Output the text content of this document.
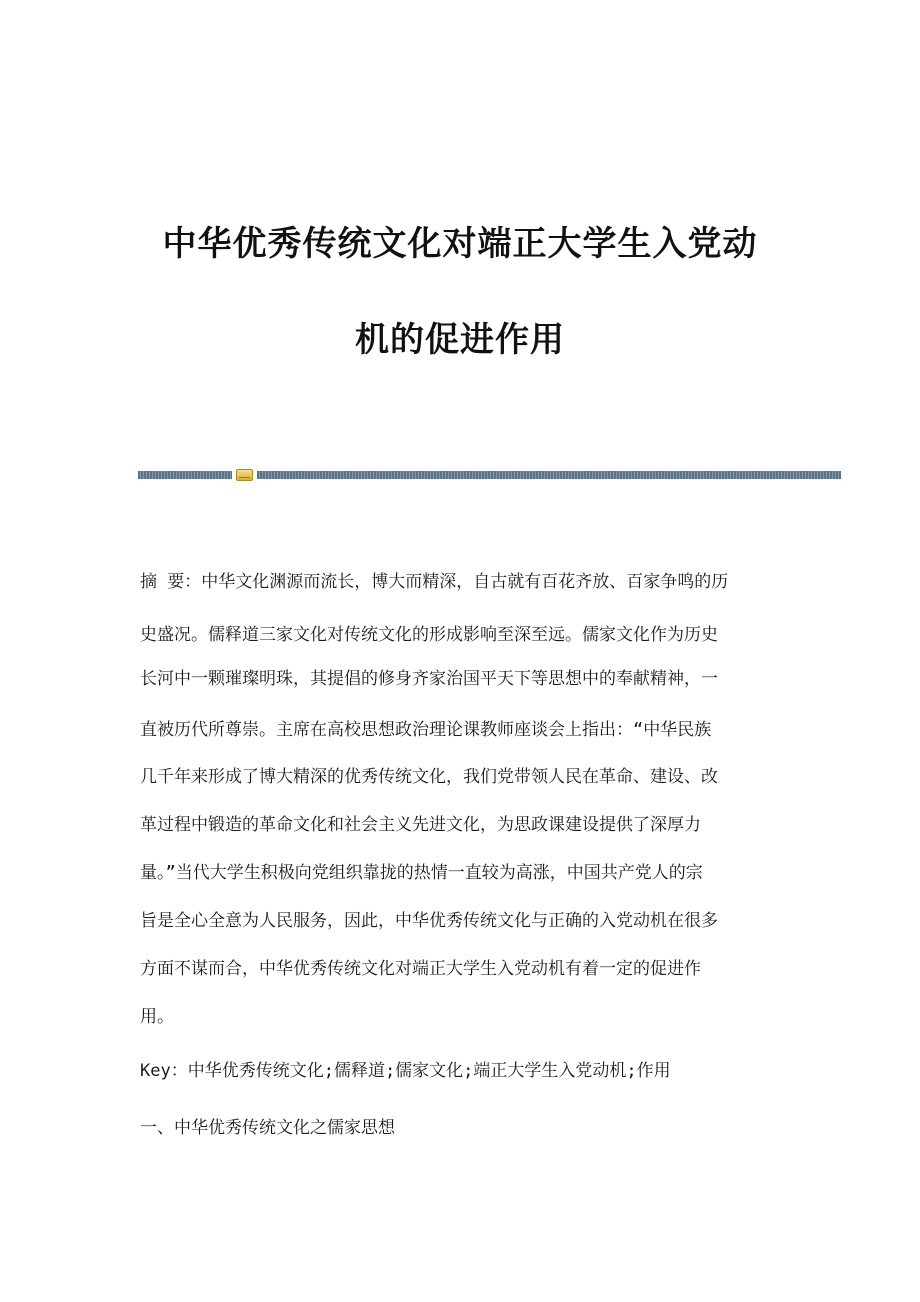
中华优秀传统文化对端正大学生入党动
机的促进作用
摘 要：中华文化渊源而流长，博大而精深，自古就有百花齐放、百家争鸣的历
史盛况。儒释道三家文化对传统文化的形成影响至深至远。儒家文化作为历史
长河中一颗璀璨明珠，其提倡的修身齐家治国平天下等思想中的奉献精神，一
直被历代所尊崇。主席在高校思想政治理论课教师座谈会上指出：“中华民族
几千年来形成了博大精深的优秀传统文化，我们党带领人民在革命、建设、改
革过程中锻造的革命文化和社会主义先进文化，为思政课建设提供了深厚力
量。”当代大学生积极向党组织靠拢的热情一直较为高涨，中国共产党人的宗
旨是全心全意为人民服务，因此，中华优秀传统文化与正确的入党动机在很多
方面不谋而合，中华优秀传统文化对端正大学生入党动机有着一定的促进作
用。
Key：中华优秀传统文化;儒释道;儒家文化;端正大学生入党动机;作用
一、中华优秀传统文化之儒家思想
